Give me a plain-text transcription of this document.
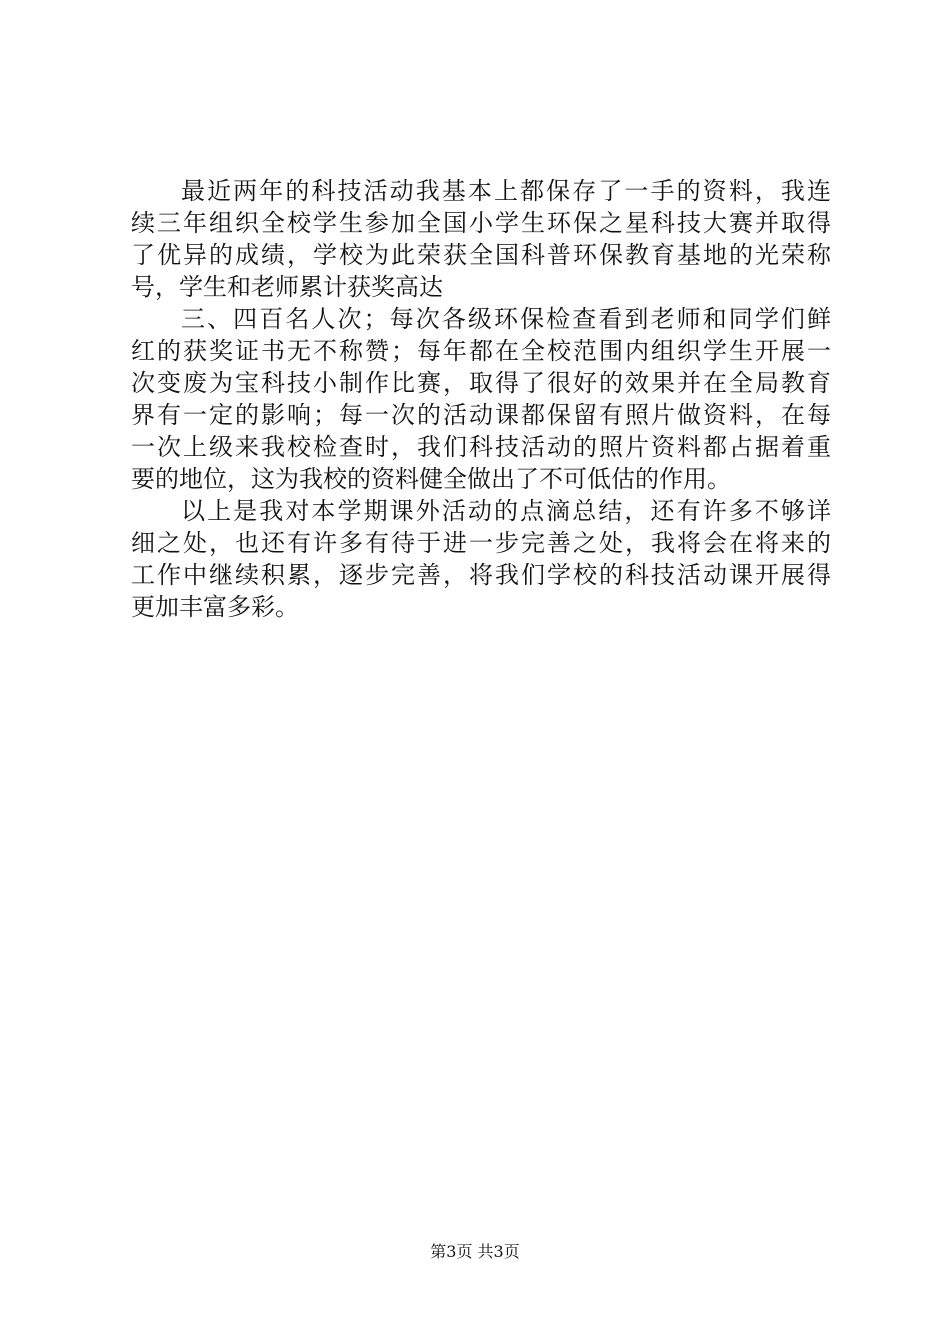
最近两年的科技活动我基本上都保存了一手的资料，我连
续三年组织全校学生参加全国小学生环保之星科技大赛并取得
了优异的成绩，学校为此荣获全国科普环保教育基地的光荣称
号，学生和老师累计获奖高达
三、四百名人次；每次各级环保检查看到老师和同学们鲜
红的获奖证书无不称赞；每年都在全校范围内组织学生开展一
次变废为宝科技小制作比赛，取得了很好的效果并在全局教育
界有一定的影响；每一次的活动课都保留有照片做资料，在每
一次上级来我校检查时，我们科技活动的照片资料都占据着重
要的地位，这为我校的资料健全做出了不可低估的作用。
以上是我对本学期课外活动的点滴总结，还有许多不够详
细之处，也还有许多有待于进一步完善之处，我将会在将来的
工作中继续积累，逐步完善，将我们学校的科技活动课开展得
更加丰富多彩。
第3页 共3页
